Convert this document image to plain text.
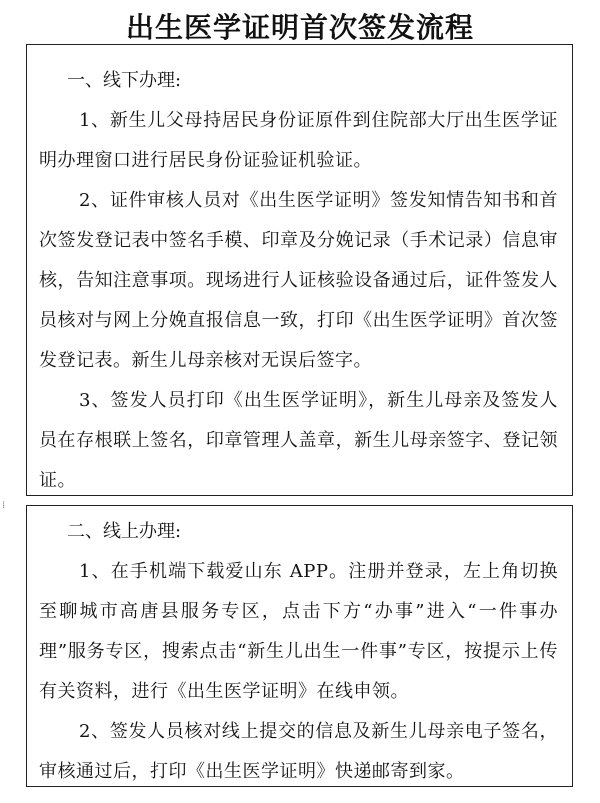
出生医学证明首次签发流程

一、线下办理:

1、新生儿父母持居民身份证原件到住院部大厅出生医学证明办理窗口进行居民身份证验证机验证。

2、证件审核人员对《出生医学证明》签发知情告知书和首次签发登记表中签名手模、印章及分娩记录（手术记录）信息审核，告知注意事项。现场进行人证核验设备通过后，证件签发人员核对与网上分娩直报信息一致，打印《出生医学证明》首次签发登记表。新生儿母亲核对无误后签字。

3、签发人员打印《出生医学证明》，新生儿母亲及签发人员在存根联上签名，印章管理人盖章，新生儿母亲签字、登记领证。

⁞

二、线上办理:

1、在手机端下载爱山东 APP。注册并登录，左上角切换至聊城市高唐县服务专区，点击下方“办事”进入“一件事办理”服务专区，搜索点击“新生儿出生一件事”专区，按提示上传有关资料，进行《出生医学证明》在线申领。

2、签发人员核对线上提交的信息及新生儿母亲电子签名，审核通过后，打印《出生医学证明》快递邮寄到家。
